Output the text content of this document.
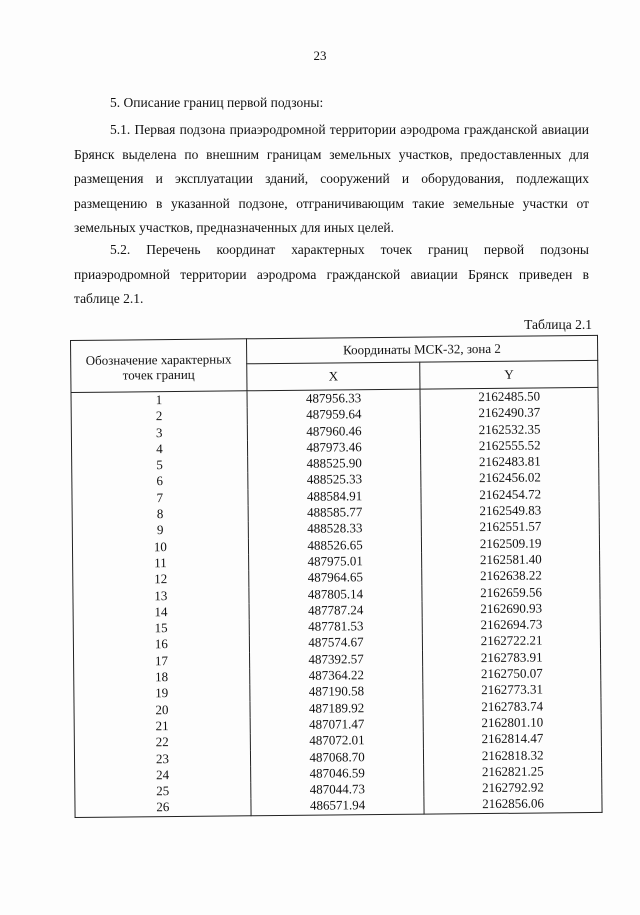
23
5. Описание границ первой подзоны:
5.1. Первая подзона приаэродромной территории аэродрома гражданской авиации Брянск выделена по внешним границам земельных участков, предоставленных для размещения и эксплуатации зданий, сооружений и оборудования, подлежащих размещению в указанной подзоне, отграничивающим такие земельные участки от земельных участков, предназначенных для иных целей.
5.2. Перечень координат характерных точек границ первой подзоны приаэродромной территории аэродрома гражданской авиации Брянск приведен в таблице 2.1.
Таблица 2.1
Обозначение характерных точек границ	Координаты МСК-32, зона 2	
	X	Y
1	487956.33	2162485.50
2	487959.64	2162490.37
3	487960.46	2162532.35
4	487973.46	2162555.52
5	488525.90	2162483.81
6	488525.33	2162456.02
7	488584.91	2162454.72
8	488585.77	2162549.83
9	488528.33	2162551.57
10	488526.65	2162509.19
11	487975.01	2162581.40
12	487964.65	2162638.22
13	487805.14	2162659.56
14	487787.24	2162690.93
15	487781.53	2162694.73
16	487574.67	2162722.21
17	487392.57	2162783.91
18	487364.22	2162750.07
19	487190.58	2162773.31
20	487189.92	2162783.74
21	487071.47	2162801.10
22	487072.01	2162814.47
23	487068.70	2162818.32
24	487046.59	2162821.25
25	487044.73	2162792.92
26	486571.94	2162856.06
